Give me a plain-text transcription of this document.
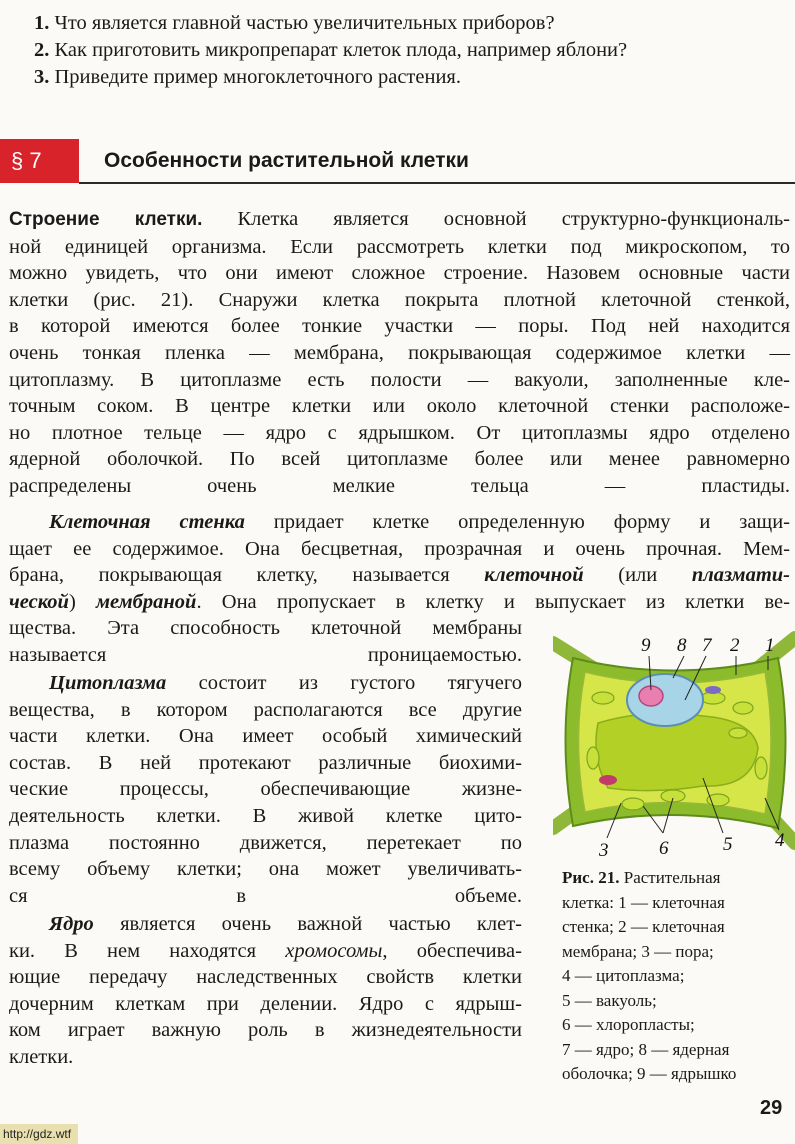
1. Что является главной частью увеличительных приборов?
2. Как приготовить микропрепарат клеток плода, например яблони?
3. Приведите пример многоклеточного растения.
§ 7	Особенности растительной клетки
Строение клетки. Клетка является основной структурно-функциональ-
ной единицей организма. Если рассмотреть клетки под микроскопом, то
можно увидеть, что они имеют сложное строение. Назовем основные части
клетки (рис. 21). Снаружи клетка покрыта плотной клеточной стенкой,
в которой имеются более тонкие участки — поры. Под ней находится
очень тонкая пленка — мембрана, покрывающая содержимое клетки —
цитоплазму. В цитоплазме есть полости — вакуоли, заполненные кле-
точным соком. В центре клетки или около клеточной стенки расположе-
но плотное тельце — ядро с ядрышком. От цитоплазмы ядро отделено
ядерной оболочкой. По всей цитоплазме более или менее равномерно
распределены очень мелкие тельца — пластиды.
Клеточная стенка придает клетке определенную форму и защи-
щает ее содержимое. Она бесцветная, прозрачная и очень прочная. Мем-
брана, покрывающая клетку, называется клеточной (или плазмати-
ческой) мембраной. Она пропускает в клетку и выпускает из клетки ве-
щества. Эта способность клеточной мембраны
называется проницаемостью.
Цитоплазма состоит из густого тягучего
вещества, в котором располагаются все другие
части клетки. Она имеет особый химический
состав. В ней протекают различные биохими-
ческие процессы, обеспечивающие жизне-
деятельность клетки. В живой клетке цито-
плазма постоянно движется, перетекает по
всему объему клетки; она может увеличивать-
ся в объеме.
Ядро является очень важной частью клет-
ки. В нем находятся хромосомы, обеспечива-
ющие передачу наследственных свойств клетки
дочерним клеткам при делении. Ядро с ядрыш-
ком играет важную роль в жизнедеятельности
клетки.
9 8 7 2 1
3	6	5 4
Рис. 21. Растительная
клетка: 1 — клеточная
стенка; 2 — клеточная
мембрана; 3 — пора;
4 — цитоплазма;
5 — вакуоль;
6 — хлоропласты;
7 — ядро; 8 — ядерная
оболочка; 9 — ядрышко
29
http://gdz.wtf
